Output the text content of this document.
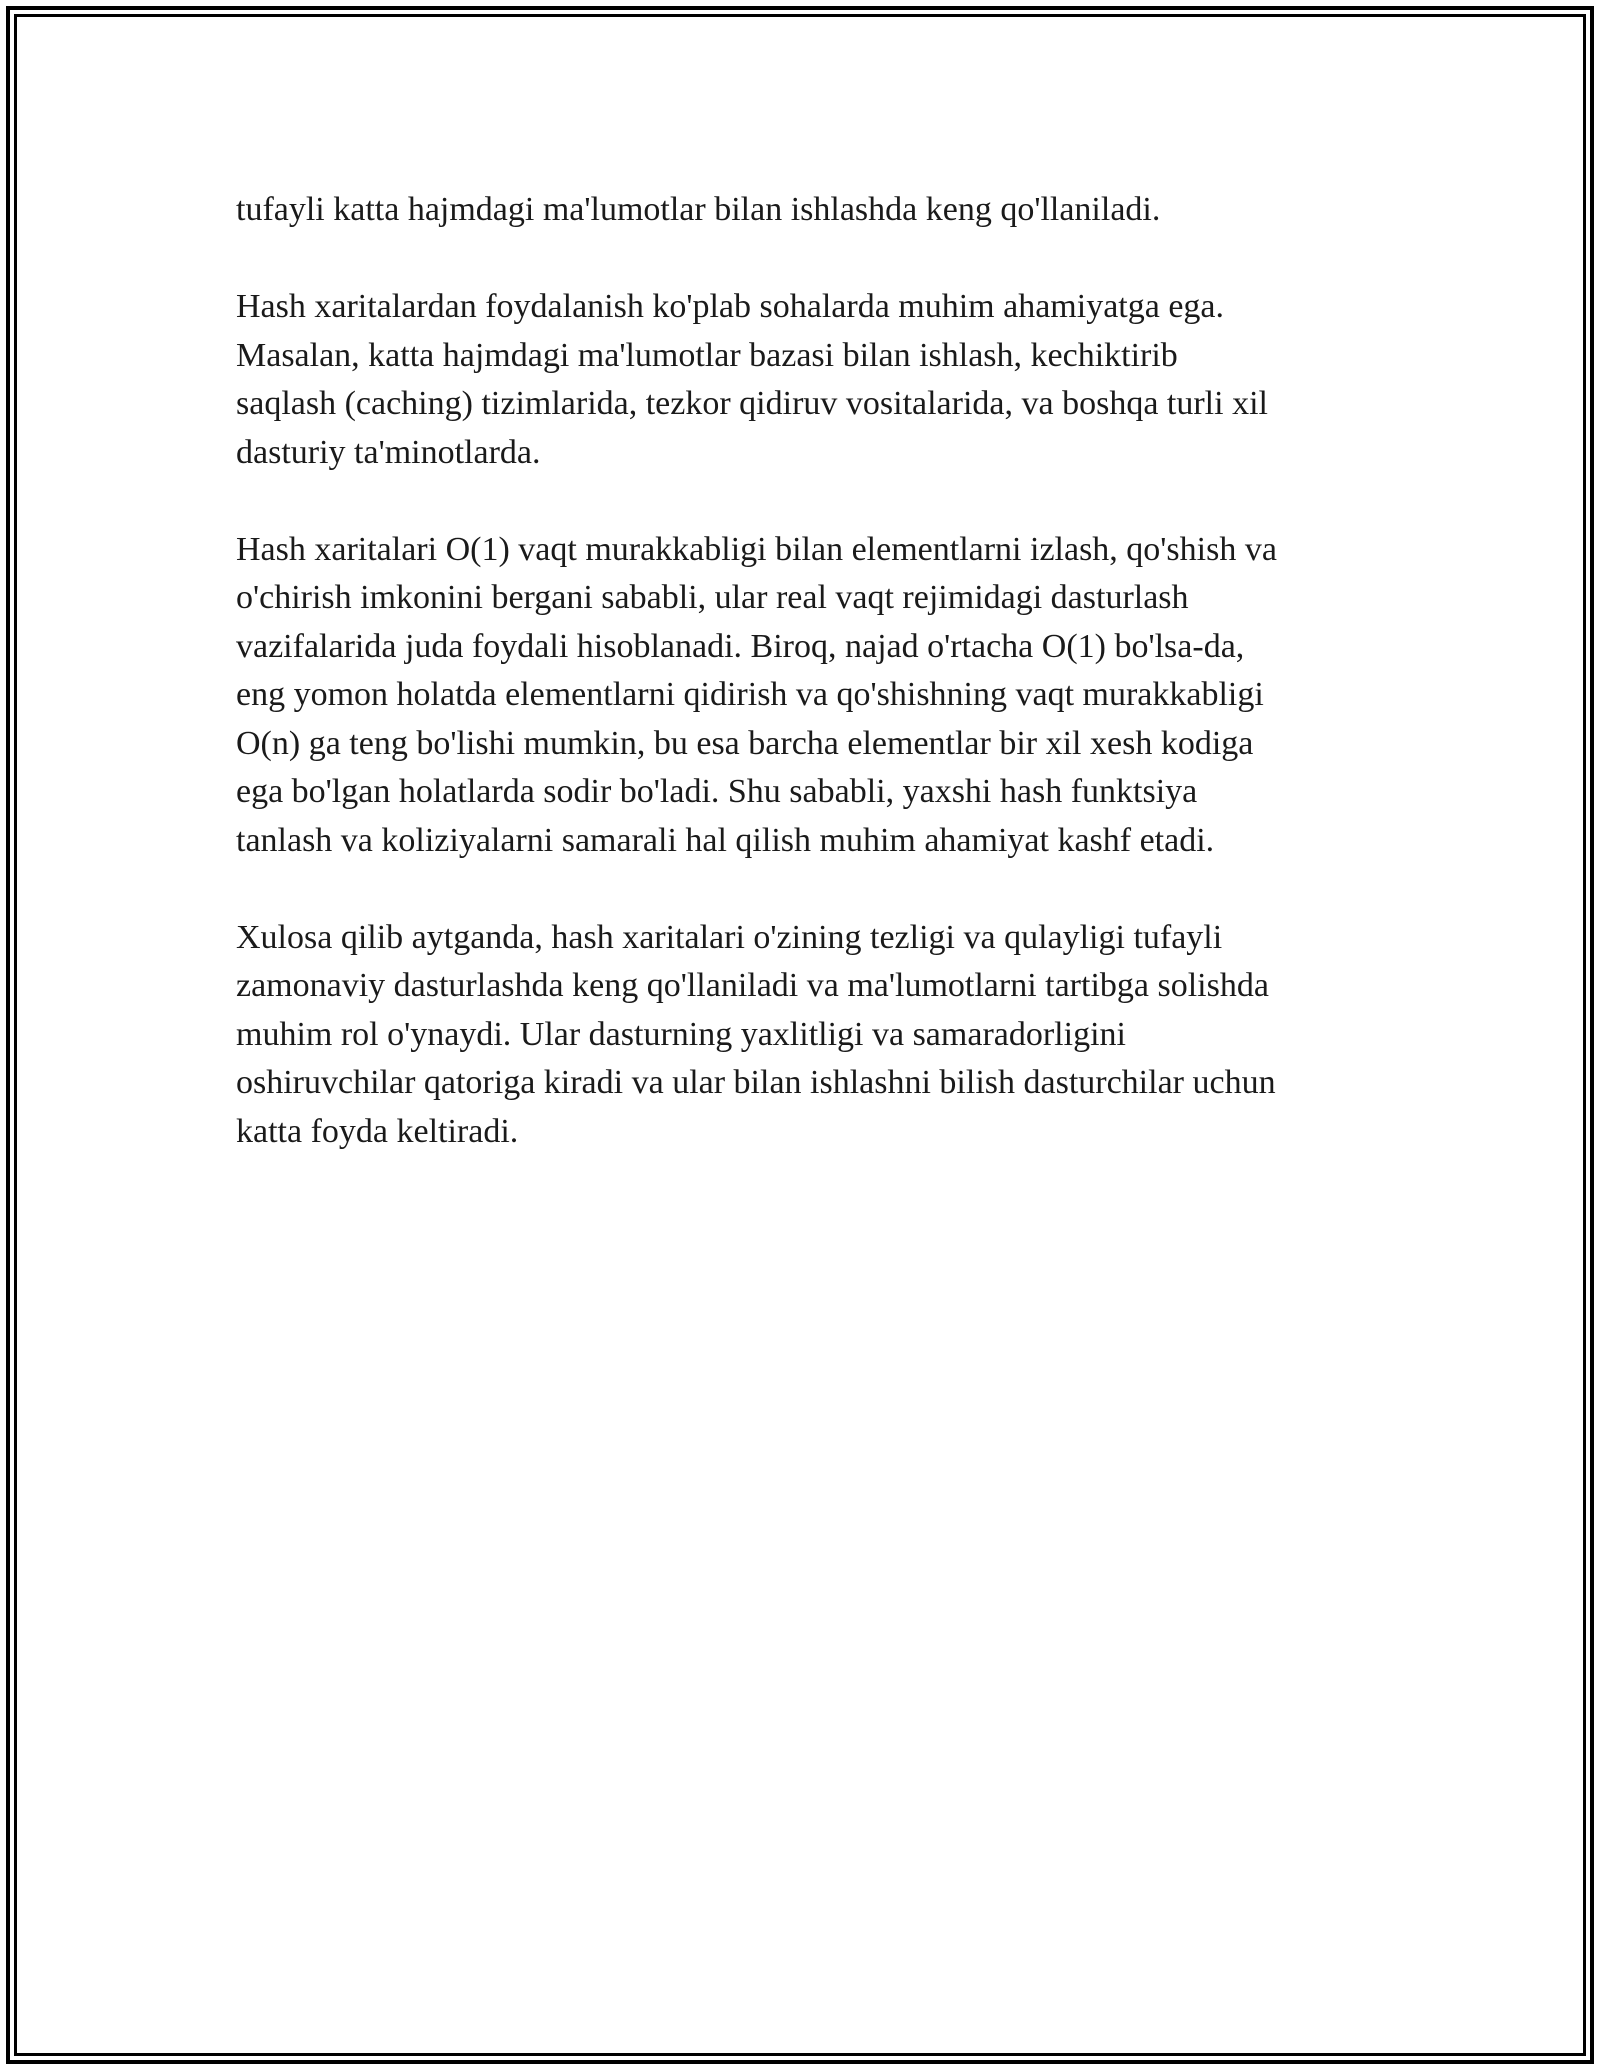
tufayli katta hajmdagi ma'lumotlar bilan ishlashda keng qo'llaniladi.

Hash xaritalardan foydalanish ko'plab sohalarda muhim ahamiyatga ega.
Masalan, katta hajmdagi ma'lumotlar bazasi bilan ishlash, kechiktirib
saqlash (caching) tizimlarida, tezkor qidiruv vositalarida, va boshqa turli xil
dasturiy ta'minotlarda.

Hash xaritalari O(1) vaqt murakkabligi bilan elementlarni izlash, qo'shish va
o'chirish imkonini bergani sababli, ular real vaqt rejimidagi dasturlash
vazifalarida juda foydali hisoblanadi. Biroq, najad o'rtacha O(1) bo'lsa-da,
eng yomon holatda elementlarni qidirish va qo'shishning vaqt murakkabligi
O(n) ga teng bo'lishi mumkin, bu esa barcha elementlar bir xil xesh kodiga
ega bo'lgan holatlarda sodir bo'ladi. Shu sababli, yaxshi hash funktsiya
tanlash va koliziyalarni samarali hal qilish muhim ahamiyat kashf etadi.

Xulosa qilib aytganda, hash xaritalari o'zining tezligi va qulayligi tufayli
zamonaviy dasturlashda keng qo'llaniladi va ma'lumotlarni tartibga solishda
muhim rol o'ynaydi. Ular dasturning yaxlitligi va samaradorligini
oshiruvchilar qatoriga kiradi va ular bilan ishlashni bilish dasturchilar uchun
katta foyda keltiradi.
